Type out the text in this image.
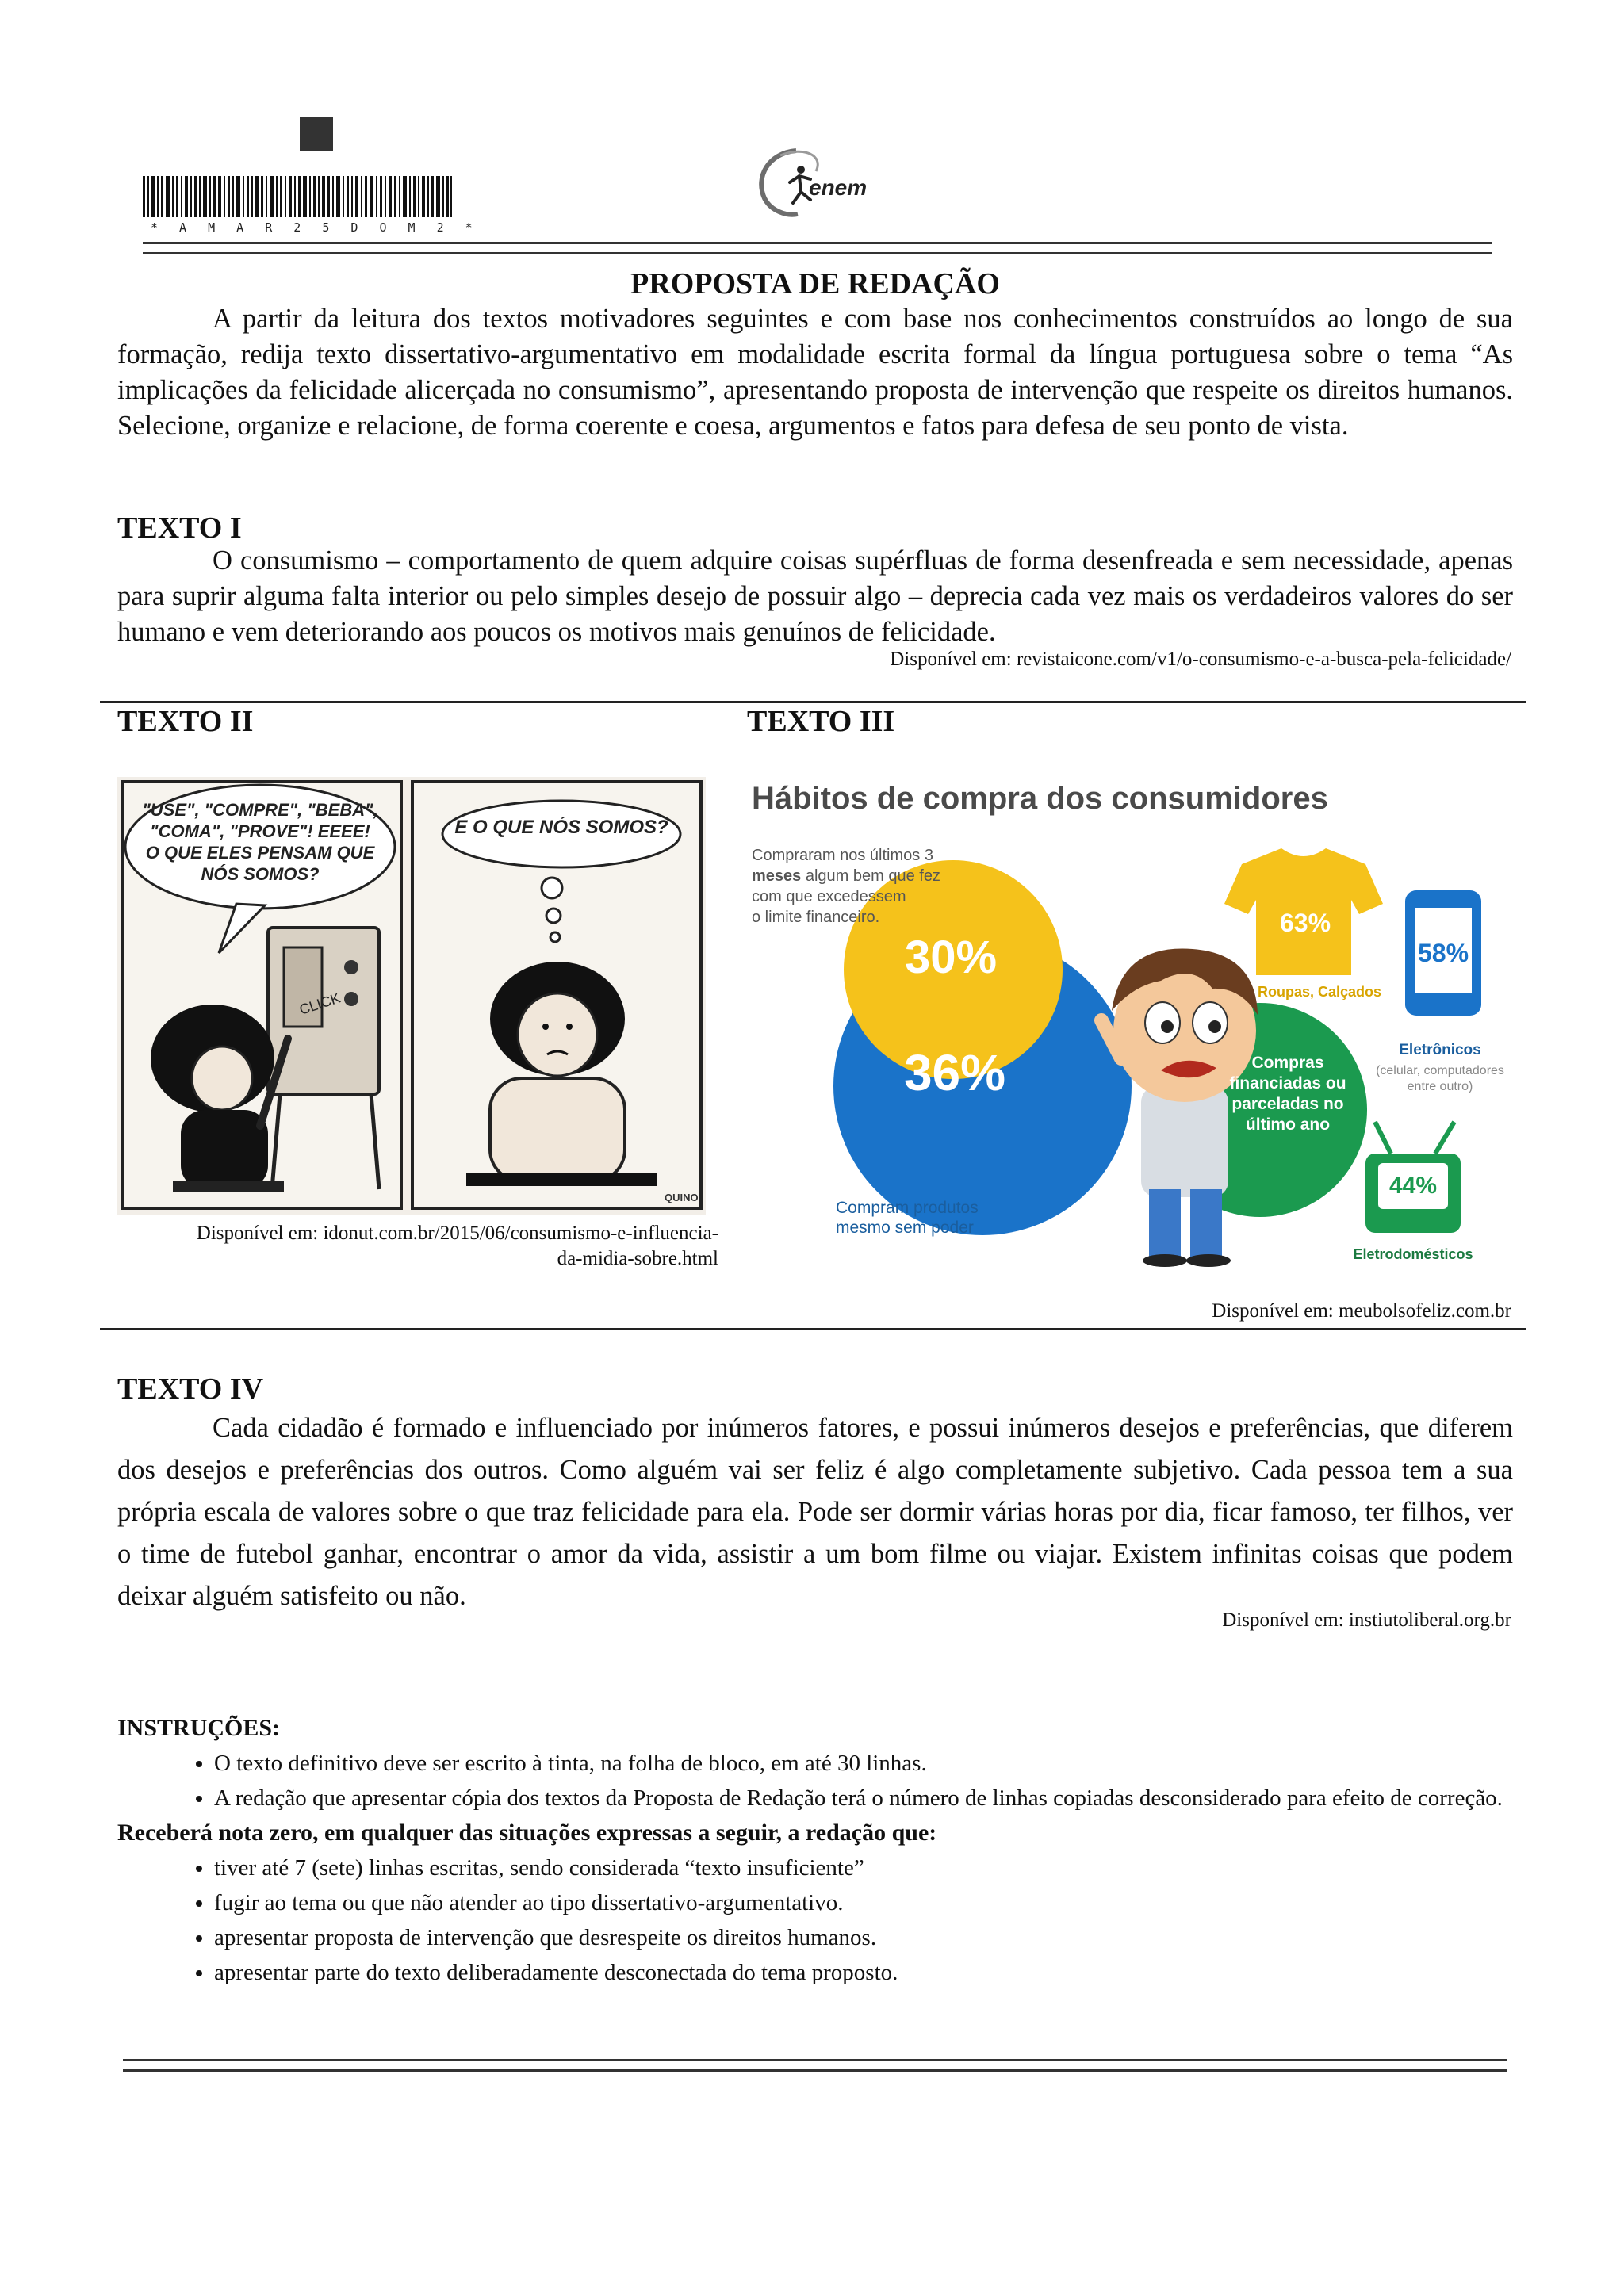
* A M A R 2 5 D O M 2 *
enem
PROPOSTA DE REDAÇÃO

A partir da leitura dos textos motivadores seguintes e com base nos conhecimentos construídos ao longo de sua formação, redija texto dissertativo-argumentativo em modalidade escrita formal da língua portuguesa sobre o tema “As implicações da felicidade alicerçada no consumismo”, apresentando proposta de intervenção que respeite os direitos humanos. Selecione, organize e relacione, de forma coerente e coesa, argumentos e fatos para defesa de seu ponto de vista.

TEXTO I

O consumismo – comportamento de quem adquire coisas supérfluas de forma desenfreada e sem necessidade, apenas para suprir alguma falta interior ou pelo simples desejo de possuir algo – deprecia cada vez mais os verdadeiros valores do ser humano e vem deteriorando aos poucos os motivos mais genuínos de felicidade.

Disponível em: revistaicone.com/v1/o-consumismo-e-a-busca-pela-felicidade/
TEXTO II
"USE", "COMPRE", "BEBA", "COMA", "PROVE"! EEEE! O QUE ELES PENSAM QUE NÓS SOMOS?
CLICK
E O QUE NÓS SOMOS?
QUINO
Disponível em: idonut.com.br/2015/06/consumismo-e-influencia-
da-midia-sobre.html
TEXTO III
Compraram nos últimos 3
meses algum bem que fez
com que excedessem
o limite financeiro.
30%
36%
63%
58%
44%
Roupas, Calçados
Eletrônicos
(celular, computadores
entre outro)
Compras
financiadas ou
parceladas no
último ano
Compram produtos
mesmo sem poder
Eletrodomésticos
Hábitos de compra dos consumidores
Disponível em: meubolsofeliz.com.br
TEXTO IV

Cada cidadão é formado e influenciado por inúmeros fatores, e possui inúmeros desejos e preferências, que diferem dos desejos e preferências dos outros. Como alguém vai ser feliz é algo completamente subjetivo. Cada pessoa tem a sua própria escala de valores sobre o que traz felicidade para ela. Pode ser dormir várias horas por dia, ficar famoso, ter filhos, ver o time de futebol ganhar, encontrar o amor da vida, assistir a um bom filme ou viajar. Existem infinitas coisas que podem deixar alguém satisfeito ou não.

Disponível em: instiutoliberal.org.br
INSTRUÇÕES:
• O texto definitivo deve ser escrito à tinta, na folha de bloco, em até 30 linhas.
• A redação que apresentar cópia dos textos da Proposta de Redação terá o número de linhas copiadas desconsiderado para efeito de correção.
Receberá nota zero, em qualquer das situações expressas a seguir, a redação que:
• tiver até 7 (sete) linhas escritas, sendo considerada “texto insuficiente”
• fugir ao tema ou que não atender ao tipo dissertativo-argumentativo.
• apresentar proposta de intervenção que desrespeite os direitos humanos.
• apresentar parte do texto deliberadamente desconectada do tema proposto.
